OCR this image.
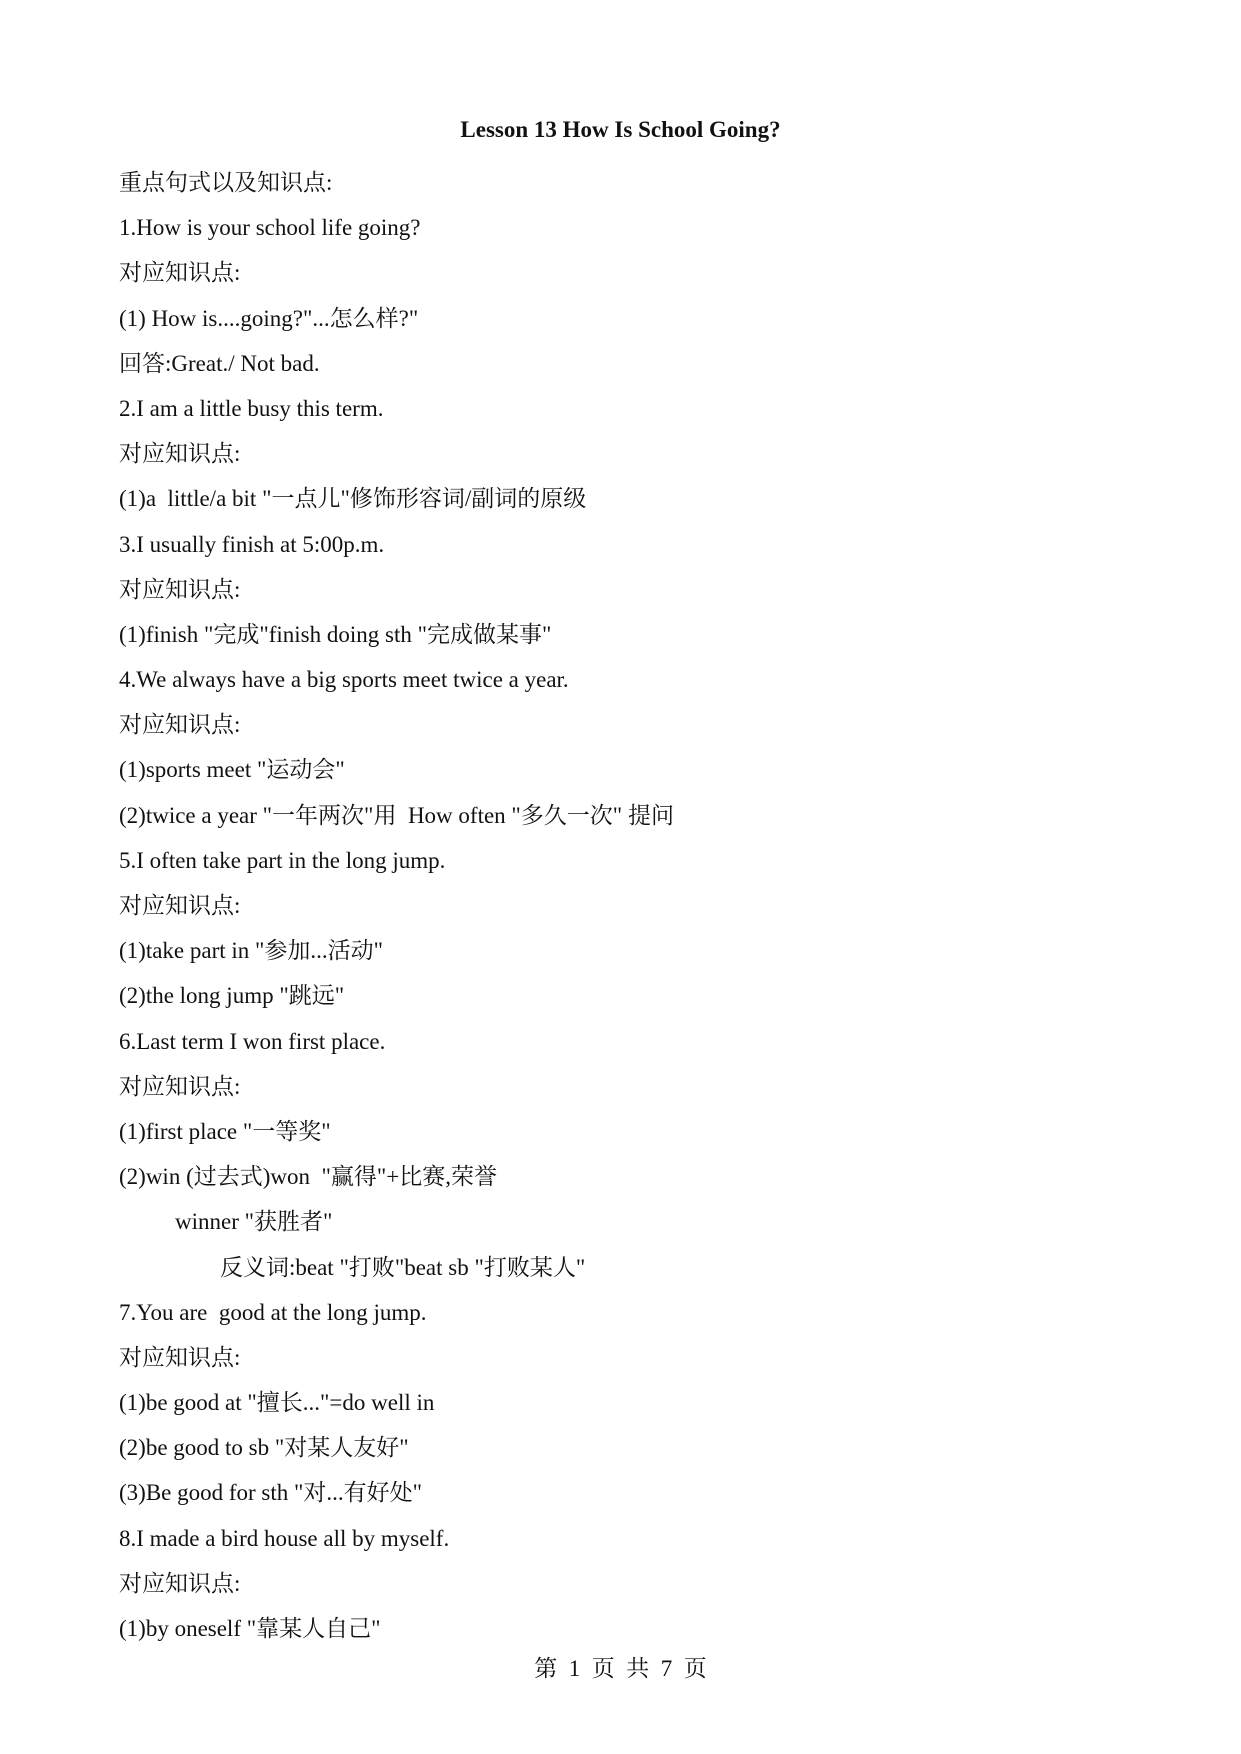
Lesson 13 How Is School Going?
重点句式以及知识点:
1.How is your school life going?
对应知识点:
(1) How is....going?"...怎么样?"
回答:Great./ Not bad.
2.I am a little busy this term.
对应知识点:
(1)a  little/a bit "一点儿"修饰形容词/副词的原级
3.I usually finish at 5:00p.m.
对应知识点:
(1)finish "完成"finish doing sth "完成做某事"
4.We always have a big sports meet twice a year.
对应知识点:
(1)sports meet "运动会"
(2)twice a year "一年两次"用  How often "多久一次" 提问
5.I often take part in the long jump.
对应知识点:
(1)take part in "参加...活动"
(2)the long jump "跳远"
6.Last term I won first place.
对应知识点:
(1)first place "一等奖"
(2)win (过去式)won  "赢得"+比赛,荣誉
winner "获胜者"
反义词:beat "打败"beat sb "打败某人"
7.You are  good at the long jump.
对应知识点:
(1)be good at "擅长..."=do well in
(2)be good to sb "对某人友好"
(3)Be good for sth "对...有好处"
8.I made a bird house all by myself.
对应知识点:
(1)by oneself "靠某人自己"
第  1  页  共  7  页
